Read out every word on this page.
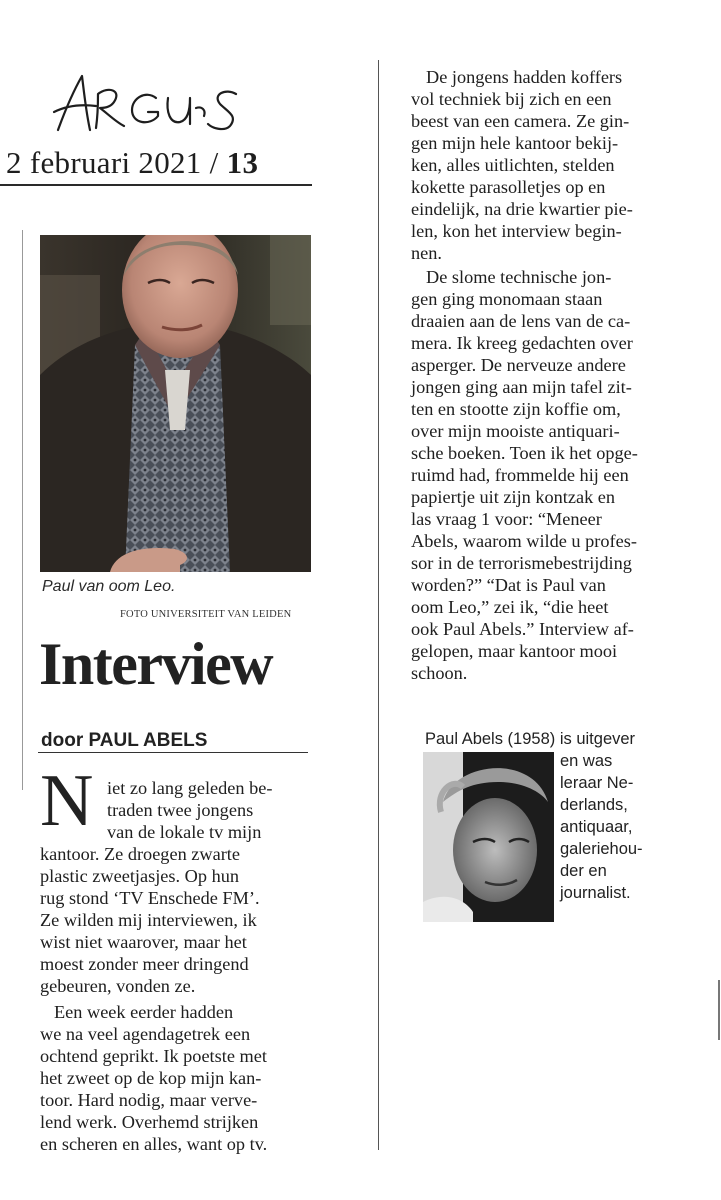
2 februari 2021 / 13
Paul van oom Leo.
FOTO UNIVERSITEIT VAN LEIDEN
Interview
door PAUL ABELS
N iet zo lang geleden be-
traden twee jongens
van de lokale tv mijn
kantoor. Ze droegen zwarte
plastic zweetjasjes. Op hun
rug stond ‘TV Enschede FM’.
Ze wilden mij interviewen, ik
wist niet waarover, maar het
moest zonder meer dringend
gebeuren, vonden ze.
Een week eerder hadden
we na veel agendagetrek een
ochtend geprikt. Ik poetste met
het zweet op de kop mijn kan-
toor. Hard nodig, maar verve-
lend werk. Overhemd strijken
en scheren en alles, want op tv.
De jongens hadden koffers
vol techniek bij zich en een
beest van een camera. Ze gin-
gen mijn hele kantoor bekij-
ken, alles uitlichten, stelden
kokette parasolletjes op en
eindelijk, na drie kwartier pie-
len, kon het interview begin-
nen.
De slome technische jon-
gen ging monomaan staan
draaien aan de lens van de ca-
mera. Ik kreeg gedachten over
asperger. De nerveuze andere
jongen ging aan mijn tafel zit-
ten en stootte zijn koffie om,
over mijn mooiste antiquari-
sche boeken. Toen ik het opge-
ruimd had, frommelde hij een
papiertje uit zijn kontzak en
las vraag 1 voor: “Meneer
Abels, waarom wilde u profes-
sor in de terrorismebestrijding
worden?” “Dat is Paul van
oom Leo,” zei ik, “die heet
ook Paul Abels.” Interview af-
gelopen, maar kantoor mooi
schoon.
Paul Abels (1958) is uitgever
en was
leraar Ne-
derlands,
antiquaar,
galeriehou-
der en
journalist.
